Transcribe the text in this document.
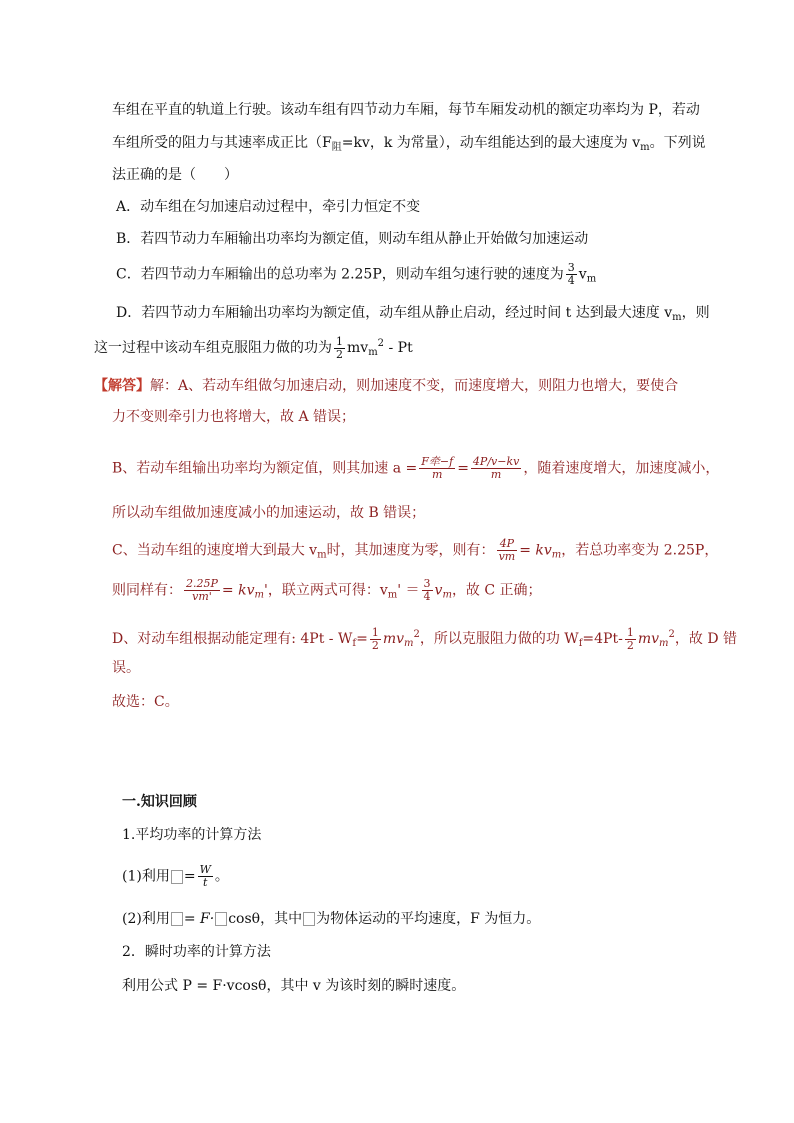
车组在平直的轨道上行驶。该动车组有四节动力车厢，每节车厢发动机的额定功率均为 P，若动
车组所受的阻力与其速率成正比（$F_阻=kv$，k 为常量），动车组能达到的最大速度为 $v_m$。下列说
法正确的是（　　）
A．动车组在匀加速启动过程中，牵引力恒定不变
B．若四节动力车厢输出功率均为额定值，则动车组从静止开始做匀加速运动
C．若四节动力车厢输出的总功率为 2.25P，则动车组匀速行驶的速度为 $\frac{3}{4} v_m$
D．若四节动力车厢输出功率均为额定值，动车组从静止启动，经过时间 t 达到最大速度 $v_m$，则
这一过程中该动车组克服阻力做的功为 $\frac{1}{2} mv_m^2$ - Pt
【解答】解：A、若动车组做匀加速启动，则加速度不变，而速度增大，则阻力也增大，要使合
力不变则牵引力也将增大，故 A 错误；
B、若动车组输出功率均为额定值，则其加速 $a = \frac{\text{F牵−f}}{m} = \frac{4P/v-kv}{m}$ ，随着速度增大，加速度减小，
所以动车组做加速度减小的加速运动，故 B 错误；
C、当动车组的速度增大到最大 $v_m$时，其加速度为零，则有： $\frac{4P}{vm} = kv_m$，若总功率变为 2.25P，
则同样有： $\frac{2.25P}{vm'} = kv_m'$，联立两式可得：$v_m' = \frac{3}{4} v_m$，故 C 正确；
D、对动车组根据动能定理有: $4Pt - W_f= \frac{1}{2} mv_m^2$，所以克服阻力做的功 $W_f=4Pt- \frac{1}{2} mv_m^2$，故 D 错
误。
故选：C。
一.知识回顾
1.平均功率的计算方法
(1)利用 = $\frac{W}{t}$ 。
(2)利用 = F· cosθ，其中 为物体运动的平均速度，F 为恒力。
2．瞬时功率的计算方法
利用公式 P = F·vcosθ，其中 v 为该时刻的瞬时速度。
